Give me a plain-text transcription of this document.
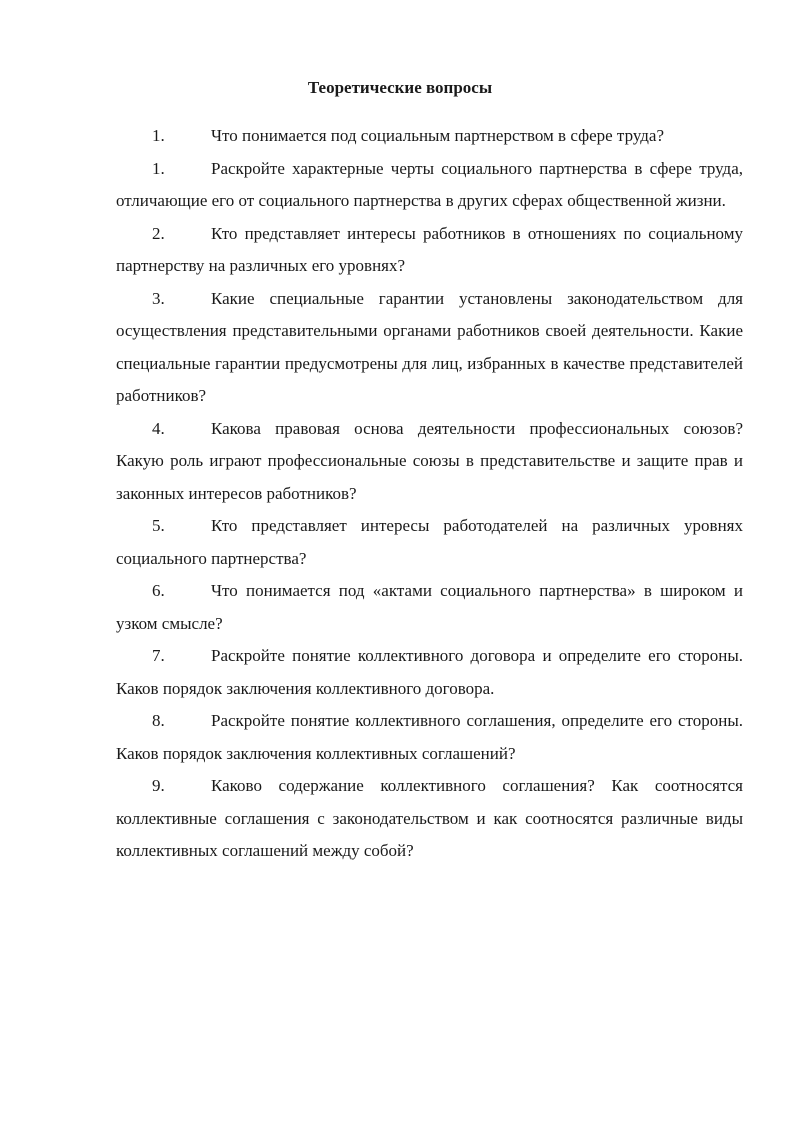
Теоретические вопросы

1.	Что понимается под социальным партнерством в сфере труда?

1.	Раскройте характерные черты социального партнерства в сфере труда, отличающие его от социального партнерства в других сферах общественной жизни.

2.	Кто представляет интересы работников в отношениях по социальному партнерству на различных его уровнях?

3.	Какие специальные гарантии установлены законодательством для осуществления представительными органами работников своей деятельности. Какие специальные гарантии предусмотрены для лиц, избранных в качестве представителей работников?

4.	Какова правовая основа деятельности профессиональных союзов? Какую роль играют профессиональные союзы в представительстве и защите прав и законных интересов работников?

5.	Кто представляет интересы работодателей на различных уровнях социального партнерства?

6.	Что понимается под «актами социального партнерства» в широком и узком смысле?

7.	Раскройте понятие коллективного договора и определите его стороны. Каков порядок заключения коллективного договора.

8.	Раскройте понятие коллективного соглашения, определите его стороны. Каков порядок заключения коллективных соглашений?

9.	Каково содержание коллективного соглашения? Как соотносятся коллективные соглашения с законодательством и как соотносятся различные виды коллективных соглашений между собой?
